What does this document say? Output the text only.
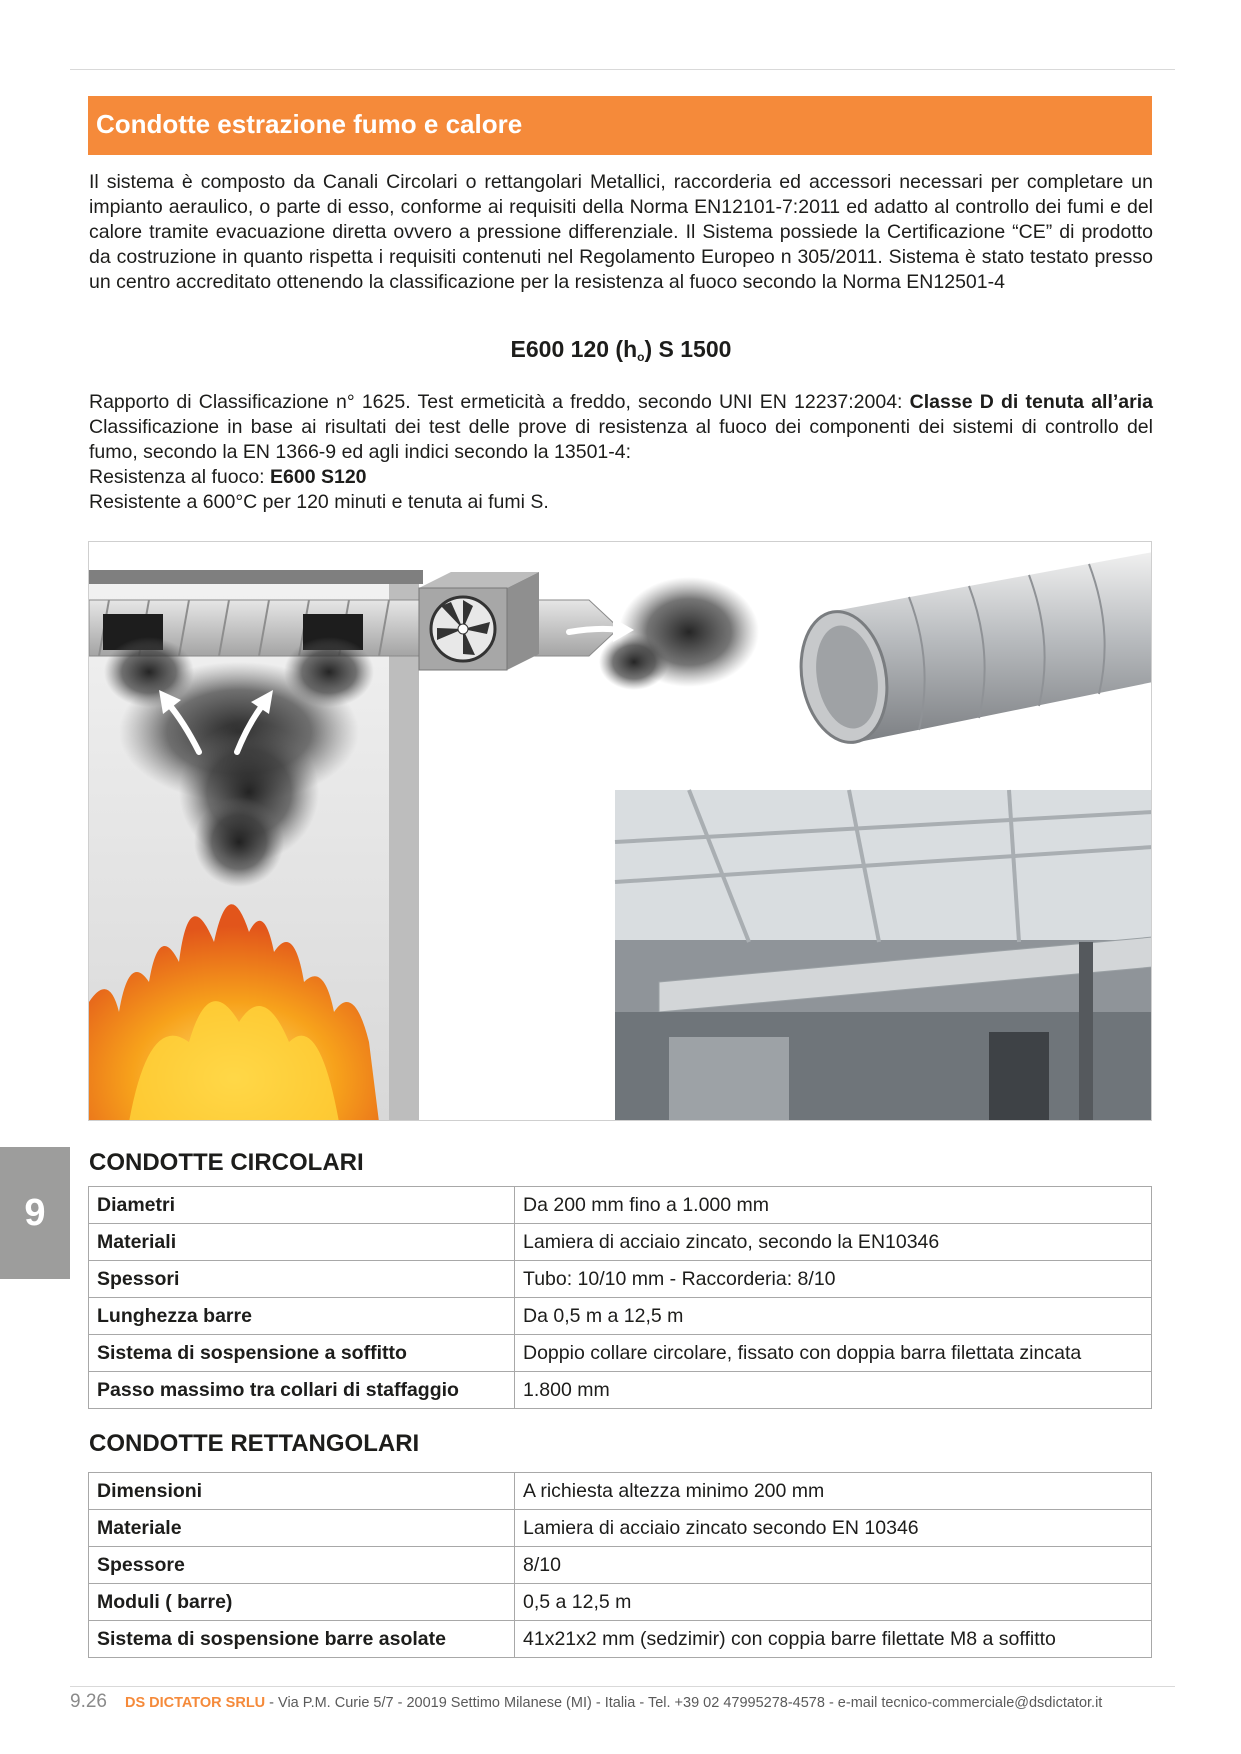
Condotte estrazione fumo e calore

Il sistema è composto da Canali Circolari o rettangolari Metallici, raccorderia ed accessori necessari per completare un impianto aeraulico, o parte di esso, conforme ai requisiti della Norma EN12101-7:2011 ed adatto al controllo dei fumi e del calore tramite evacuazione diretta ovvero a pressione differenziale. Il Sistema possiede la Certificazione “CE” di prodotto da costruzione in quanto rispetta i requisiti contenuti nel Regolamento Europeo n 305/2011. Sistema è stato testato presso un centro accreditato ottenendo la classificazione per la resistenza al fuoco secondo la Norma EN12501-4

E600 120 $(h_o)$ S 1500

Rapporto di Classificazione n° 1625. Test ermeticità a freddo, secondo UNI EN 12237:2004: Classe D di tenuta all’aria Classificazione in base ai risultati dei test delle prove di resistenza al fuoco dei componenti dei sistemi di controllo del fumo, secondo la EN 1366-9 ed agli indici secondo la 13501-4:
Resistenza al fuoco: E600 S120
Resistente a 600°C per 120 minuti e tenuta ai fumi S.

9
CONDOTTE CIRCOLARI
Diametri	Da 200 mm fino a 1.000 mm
Materiali	Lamiera di acciaio zincato, secondo la EN10346
Spessori	Tubo: 10/10 mm - Raccorderia: 8/10
Lunghezza barre	Da 0,5 m a 12,5 m
Sistema di sospensione a soffitto	Doppio collare circolare, fissato con doppia barra filettata zincata
Passo massimo tra collari di staffaggio	1.800 mm
CONDOTTE RETTANGOLARI
Dimensioni	A richiesta altezza minimo 200 mm
Materiale	Lamiera di acciaio zincato secondo EN 10346
Spessore	8/10
Moduli ( barre)	0,5 a 12,5 m
Sistema di sospensione barre asolate	41x21x2 mm (sedzimir) con coppia barre filettate M8 a soffitto
9.26 DS DICTATOR SRLU - Via P.M. Curie 5/7 - 20019 Settimo Milanese (MI) - Italia - Tel. +39 02 47995278-4578 - e-mail tecnico-commerciale@dsdictator.it
